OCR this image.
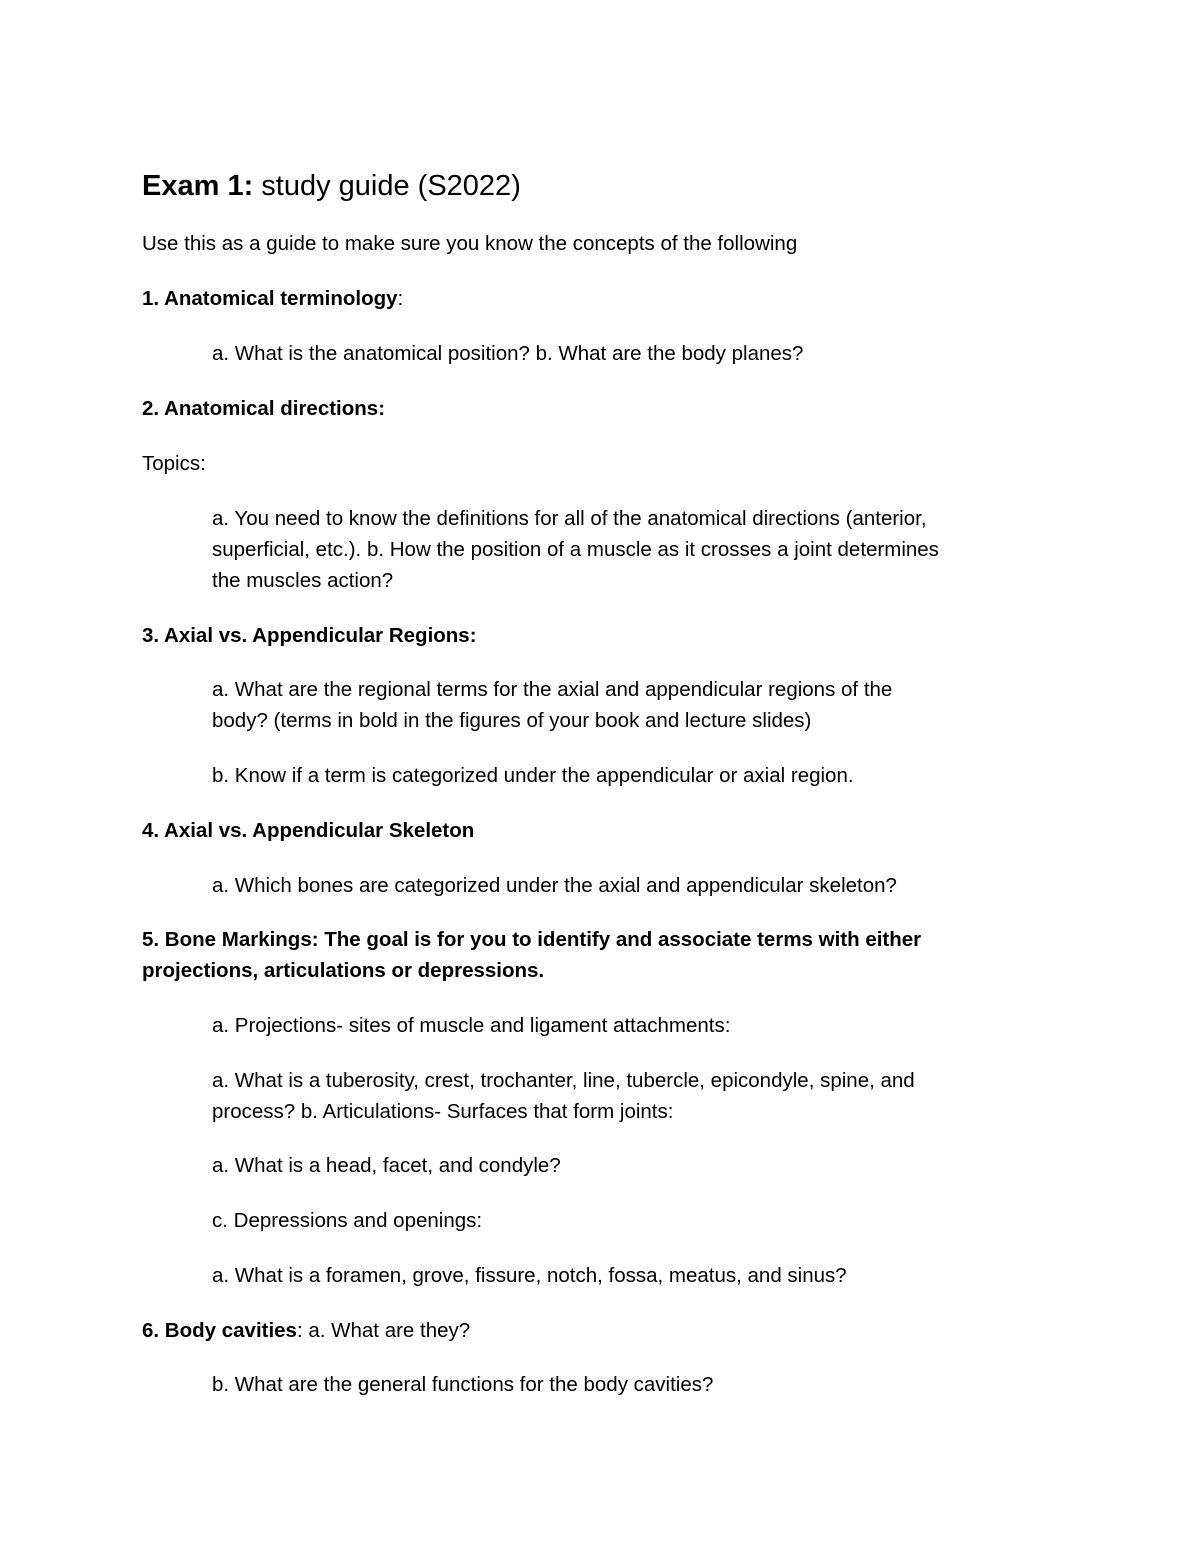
Exam 1: study guide (S2022)
Use this as a guide to make sure you know the concepts of the following
1. Anatomical terminology:
a. What is the anatomical position? b. What are the body planes?
2. Anatomical directions:
Topics:
a. You need to know the definitions for all of the anatomical directions (anterior,
superficial, etc.). b. How the position of a muscle as it crosses a joint determines
the muscles action?
3. Axial vs. Appendicular Regions:
a. What are the regional terms for the axial and appendicular regions of the
body? (terms in bold in the figures of your book and lecture slides)
b. Know if a term is categorized under the appendicular or axial region.
4. Axial vs. Appendicular Skeleton
a. Which bones are categorized under the axial and appendicular skeleton?
5. Bone Markings: The goal is for you to identify and associate terms with either
projections, articulations or depressions.
a. Projections- sites of muscle and ligament attachments:
a. What is a tuberosity, crest, trochanter, line, tubercle, epicondyle, spine, and
process? b. Articulations- Surfaces that form joints:
a. What is a head, facet, and condyle?
c. Depressions and openings:
a. What is a foramen, grove, fissure, notch, fossa, meatus, and sinus?
6. Body cavities: a. What are they?
b. What are the general functions for the body cavities?
